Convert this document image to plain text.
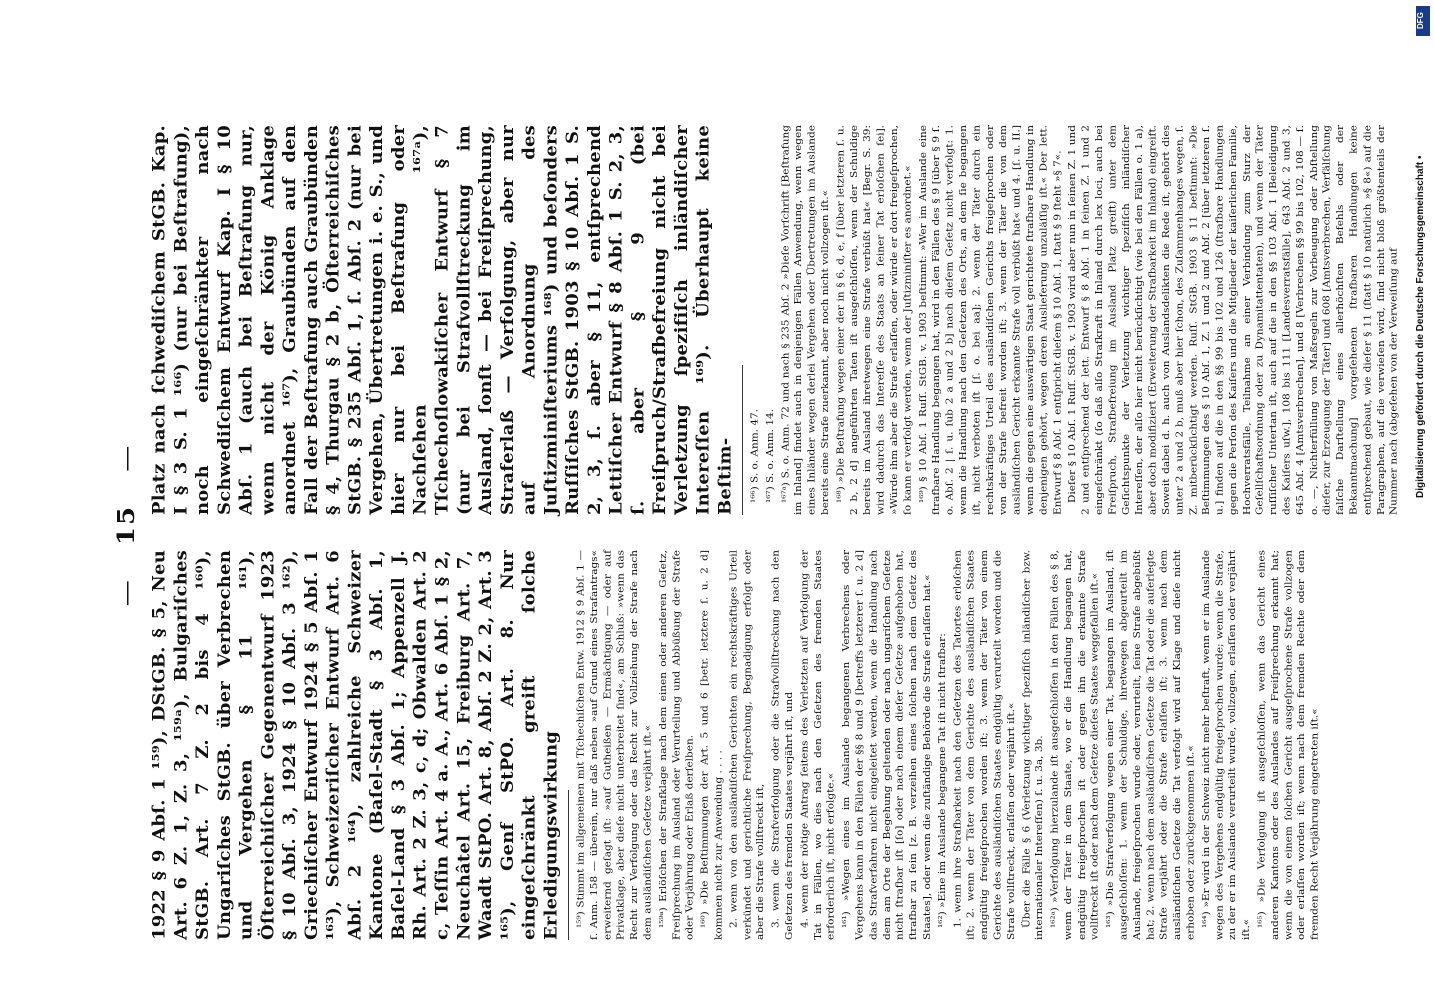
—   15   —
1922 § 9 Abſ. 1 ¹⁵⁹), DStGB. § 5, Neu Art. 6 Z. 1, Z. 3, ¹⁵⁹ᵃ), Bulgariſches StGB. Art. 7 Z. 2 bis 4 ¹⁶⁰), Ungariſches StGB. über Verbrechen und Vergehen § 11 ¹⁶¹), Öſterreichiſcher Gegenentwurf 1923 § 10 Abſ. 3, 1924 § 10 Abſ. 3 ¹⁶²), Griechiſcher Entwurf 1924 § 5 Abſ. 1 ¹⁶³), Schweizeriſcher Entwurf Art. 6 Abſ. 2 ¹⁶⁴), zahlreiche Schweizer Kantone (Baſel-Stadt § 3 Abſ. 1, Baſel-Land § 3 Abſ. 1; Appenzell J. Rh. Art. 2 Z. 3, c, d; Obwalden Art. 2 c, Teſſin Art. 4 a. A., Art. 6 Abſ. 1 § 2, Neuchâtel Art. 15, Freiburg Art. 7, Waadt StPO. Art. 8, Abſ. 2 Z. 2, Art. 3 ¹⁶⁵), Genf StPO. Art. 8. Nur eingeſchränkt greift ſolche Erledigungswirkung ¹⁵⁹) Stimmt im allgemeinen mit Tſchechiſchen Entw. 1912 § 9 Abſ. 1 — ſ. Anm. 158 — überein, nur daß neben »auf Grund eines Strafantrags« erweiternd geſagt iſt: »auf Gutheißen — Ermächtigung — oder auf Privatklage, aber dieſe nicht unterbreitet ſind«, am Schluß: »wenn das Recht zur Verfolgung oder das Recht zur Vollziehung der Strafe nach dem ausländiſchen Geſetze verjährt iſt.« ¹⁵⁹ᵃ) Erlöſchen der Strafklage nach dem einen oder anderen Geſetz, Freiſprechung im Ausland oder Verurteilung und Abbüßung der Strafe oder Verjährung oder Erlaß derſelben. ¹⁶⁰) »Die Beſtimmungen der Art. 5 und 6 [betr. letztere ſ. u. 2 d] kommen nicht zur Anwendung . . . . 2. wenn von den ausländiſchen Gerichten ein rechtskräftiges Urteil verkündet und gerichtliche Freiſprechung, Begnadigung erfolgt oder aber die Strafe vollſtreckt iſt, 3. wenn die Strafverfolgung oder die Strafvollſtreckung nach den Geſetzen des fremden Staates verjährt iſt, und 4. wenn der nötige Antrag ſeitens des Verletzten auf Verfolgung der Tat in Fällen, wo dies nach den Geſetzen des fremden Staates erforderlich iſt, nicht erfolgte.« ¹⁶¹) »Wegen eines im Auslande begangenen Verbrechens oder Vergehens kann in den Fällen der §§ 8 und 9 [betreffs letzterer ſ. u. 2 d] das Strafverfahren nicht eingeleitet werden, wenn die Handlung nach dem am Orte der Begehung geltenden oder nach ungariſchem Geſetze nicht ſtrafbar iſt [ſo] oder nach einem dieſer Geſetze aufgehoben hat, ſtrafbar zu ſein [z. B. verzeihen eines ſolchen nach dem Geſetz des Staates], oder wenn die zuſtändige Behörde die Strafe erlaſſen hat.« ¹⁶²) »Eine im Auslande begangene Tat iſt nicht ſtrafbar: 1. wenn ihre Strafbarkeit nach den Geſetzen des Tatortes erloſchen iſt; 2. wenn der Täter von dem Gerichte des ausländiſchen Staates endgültig freigeſprochen worden iſt; 3. wenn der Täter von einem Gerichte des ausländiſchen Staates endgültig verurteilt worden und die Strafe vollſtreckt, erlaſſen oder verjährt iſt.« Über die Fälle § 6 (Verletzung wichtiger ſpezifiſch inländiſcher bzw. internationaler Intereſſen) ſ. u. 3a, 3b. ¹⁶²ᵃ) »Verfolgung hierzulande iſt ausgeſchloſſen in den Fällen des § 8, wenn der Täter in dem Staate, wo er die Handlung begangen hat, endgültig freigeſprochen iſt oder gegen ihn die erkannte Strafe vollſtreckt iſt oder nach dem Geſetze dieſes Staates weggefallen iſt.« ¹⁶³) »Die Strafverfolgung wegen einer Tat, begangen im Ausland, iſt ausgeſchloſſen: 1. wenn der Schuldige, ihretwegen abgeurteilt im Auslande, freigeſprochen wurde oder, verurteilt, ſeine Strafe abgebüßt hat; 2. wenn nach dem ausländiſchen Geſetze die Tat oder die auferlegte Strafe verjährt oder die Strafe erlaſſen iſt; 3. wenn nach dem ausländiſchen Geſetze die Tat verfolgt wird auf Klage und dieſe nicht erhoben oder zurückgenommen iſt.« ¹⁶⁴) »Er wird in der Schweiz nicht mehr beſtraft, wenn er im Auslande wegen des Vergehens endgültig freigeſprochen wurde; wenn die Strafe, zu der er im Auslande verurteilt wurde, vollzogen, erlaſſen oder verjährt iſt.«

¹⁶⁵) »Die Verfolgung iſt ausgeſchloſſen, wenn das Gericht eines anderen Kantons oder des Auslandes auf Freiſprechung erkannt hat; wenn die von einem ſolchen Gericht ausgeſprochene Strafe vollzogen oder erlaſſen worden iſt; wenn nach dem fremden Rechte oder dem fremden Recht Verjährung eingetreten iſt.«

Platz nach ſchwediſchem StGB. Kap. I § 3 S. 1 ¹⁶⁶) (nur bei Beſtrafung), noch eingeſchränkter nach Schwediſchem Entwurf Kap. I § 10 Abſ. 1 (auch bei Beſtrafung nur, wenn nicht der König Anklage anordnet ¹⁶⁷), Graubünden auf den Fall der Beſtrafung auch Graubünden § 4, Thurgau § 2 b, Öſterreichiſches StGB. § 235 Abſ. 1, ſ. Abſ. 2 (nur bei Vergehen, Übertretungen i. e. S., und hier nur bei Beſtrafung oder Nachſehen ¹⁶⁷ᵃ), Tſchechoſlowakiſcher Entwurf § 7 (nur bei Strafvollſtreckung im Ausland, ſonſt — bei Freiſprechung, Straferlaß — Verfolgung, aber nur auf Anordnung des Juſtizminiſteriums ¹⁶⁸) und beſonders Ruſſiſches StGB. 1903 § 10 Abſ. 1 S. 2, 3, ſ. aber § 11, entſprechend Lettiſcher Entwurf § 8 Abſ. 1 S. 2, 3, ſ. aber § 9 (bei Freiſpruch/Strafbefreiung nicht bei Verletzung ſpezifiſch inländiſcher Intereſſen ¹⁶⁹). Überhaupt keine Beſtim- ¹⁶⁶) S. o. Anm. 47. ¹⁶⁷) S. o. Anm. 14. ¹⁶⁷ᵃ) S. o. Anm. 72 und nach § 235 Abſ. 2 »Dieſe Vorſchrift [Beſtrafung im Inland] findet auch in denjenigen Fällen Anwendung, wenn wegen eines Inländer wegen derlei Vergehen oder Übertretungen im Auslande bereits eine Strafe zuerkannt, aber noch nicht vollzogen iſt.« ¹⁶⁸) »Die Beſtrafung wegen einer der in § 6, d, e, f [über letzteren ſ. u. 2 b, 2 d] angeführten Taten iſt ausgeſchloſſen, wenn der Schuldige bereits im Ausland ihretwegen eine Strafe verbüßt hat« [Begr. S. 39: wird dadurch das Intereſſe des Staats an ſeiner Tat erloſchen ſei]. »Würde ihm aber die Strafe erlaſſen, oder würde er dort freigeſprochen, ſo kann er verfolgt werden, wenn der Juſtizminiſter es anordnet.« ¹⁶⁹) § 10 Abſ. 1 Ruſſ. StGB. v. 1903 beſtimmt: »Wer im Auslande eine ſtrafbare Handlung begangen hat, wird in den Fällen des § 9 [über § 9 ſ. o. Abſ. 2 | ſ. u. ſub 2 a und 2 b] nach dieſem Geſetz nicht verfolgt: 1. wenn die Handlung nach den Geſetzen des Orts, an dem ſie begangen iſt, nicht verboten iſt [ſ. o. bei aa]; 2. wenn der Täter durch ein rechtskräftiges Urteil des ausländiſchen Gerichts freigeſprochen oder von der Strafe befreit worden iſt; 3. wenn der Täter die von dem ausländiſchen Gericht erkannte Strafe voll verbüßt hat« und 4. [ſ. u. II.] wenn die gegen eine auswärtigen Staat gerichtete ſtrafbare Handlung in denjenigen gehört, wegen deren Auslieferung unzuläſſig iſt.« Der lett. Entwurf § 8 Abſ. 1 entſpricht dieſem § 10 Abſ. 1, ſtatt § 9 ſteht »§ 7«. Dieſer § 10 Abſ. 1 Ruſſ. StGB. v. 1903 wird aber nun in ſeinen Z. 1 und 2 und entſprechend der lett. Entwurf § 8 Abſ. 1 in ſeinen Z. 1 und 2 eingeſchränkt (ſo daß alſo Strafkraft in Inland durch lex loci, auch bei Freiſpruch, Strafbefreiung im Ausland Platz greift) unter dem Geſichtspunkte der Verletzung wichtiger ſpezifiſch inländiſcher Intereſſen, der alſo hier nicht berückſichtigt (wie bei den Fällen o. 1 a), aber doch modifiziert (Erweiterung der Strafbarkeit im Inland) eingreift. Soweit dabei d. h. auch von Auslandsdelikten die Rede iſt, gehört dies unter 2 a und 2 b, muß aber hier ſchon, des Zuſammenhanges wegen, ſ. Z. mitberückſichtigt werden. Ruſſ. StGB. 1903 § 11 beſtimmt: »Die Beſtimmungen des § 10 Abſ. 1, Z. 1 und 2 und Abſ. 2 [über letzteren ſ. u.] finden auf die in den §§ 99 bis 102 und 126 (ſtrafbare Handlungen gegen die Perſon des Kaiſers und die Mitglieder der kaiſerlichen Familie, Hochverratsfälle, Teilnahme an einer Verbindung zum Sturz der Geſellſchaftsordnung oder zu Dynamitattentaten), und wenn der Täter ruſſiſcher Untertan iſt, auch auf die in den §§ 103 Abſ. 1 [Beleidigung des Kaiſers uſw.], 108 bis 111 [Landesverratsfälle], 643 Abſ. 2 und 3, 645 Abſ. 4 [Amtsverbrechen], und 8 [Verbrechen §§ 99 bis 102, 108 — ſ. o. —, Nichterfüllung von Maßregeln zur Vorbeugung oder Abſtellung dieſer, zur Erzeugung der Täter] und 608 [Amtsverbrechen, Verfälſchung falſche Darſtellung eines allerhöchſten Befehls oder der Bekanntmachung] vorgeſehenen ſtrafbaren Handlungen keine entſprechend gebaut, wie dieſer § 11 (ſtatt § 10 natürlich »§ 8«) auf die Paragraphen, auf die verwieſen wird, ſind nicht bloß größtenteils der Nummer nach (abgeſehen von der Verweiſung auf

DFG
Digitalisierung gefördert durch die Deutsche Forschungsgemeinschaft •
